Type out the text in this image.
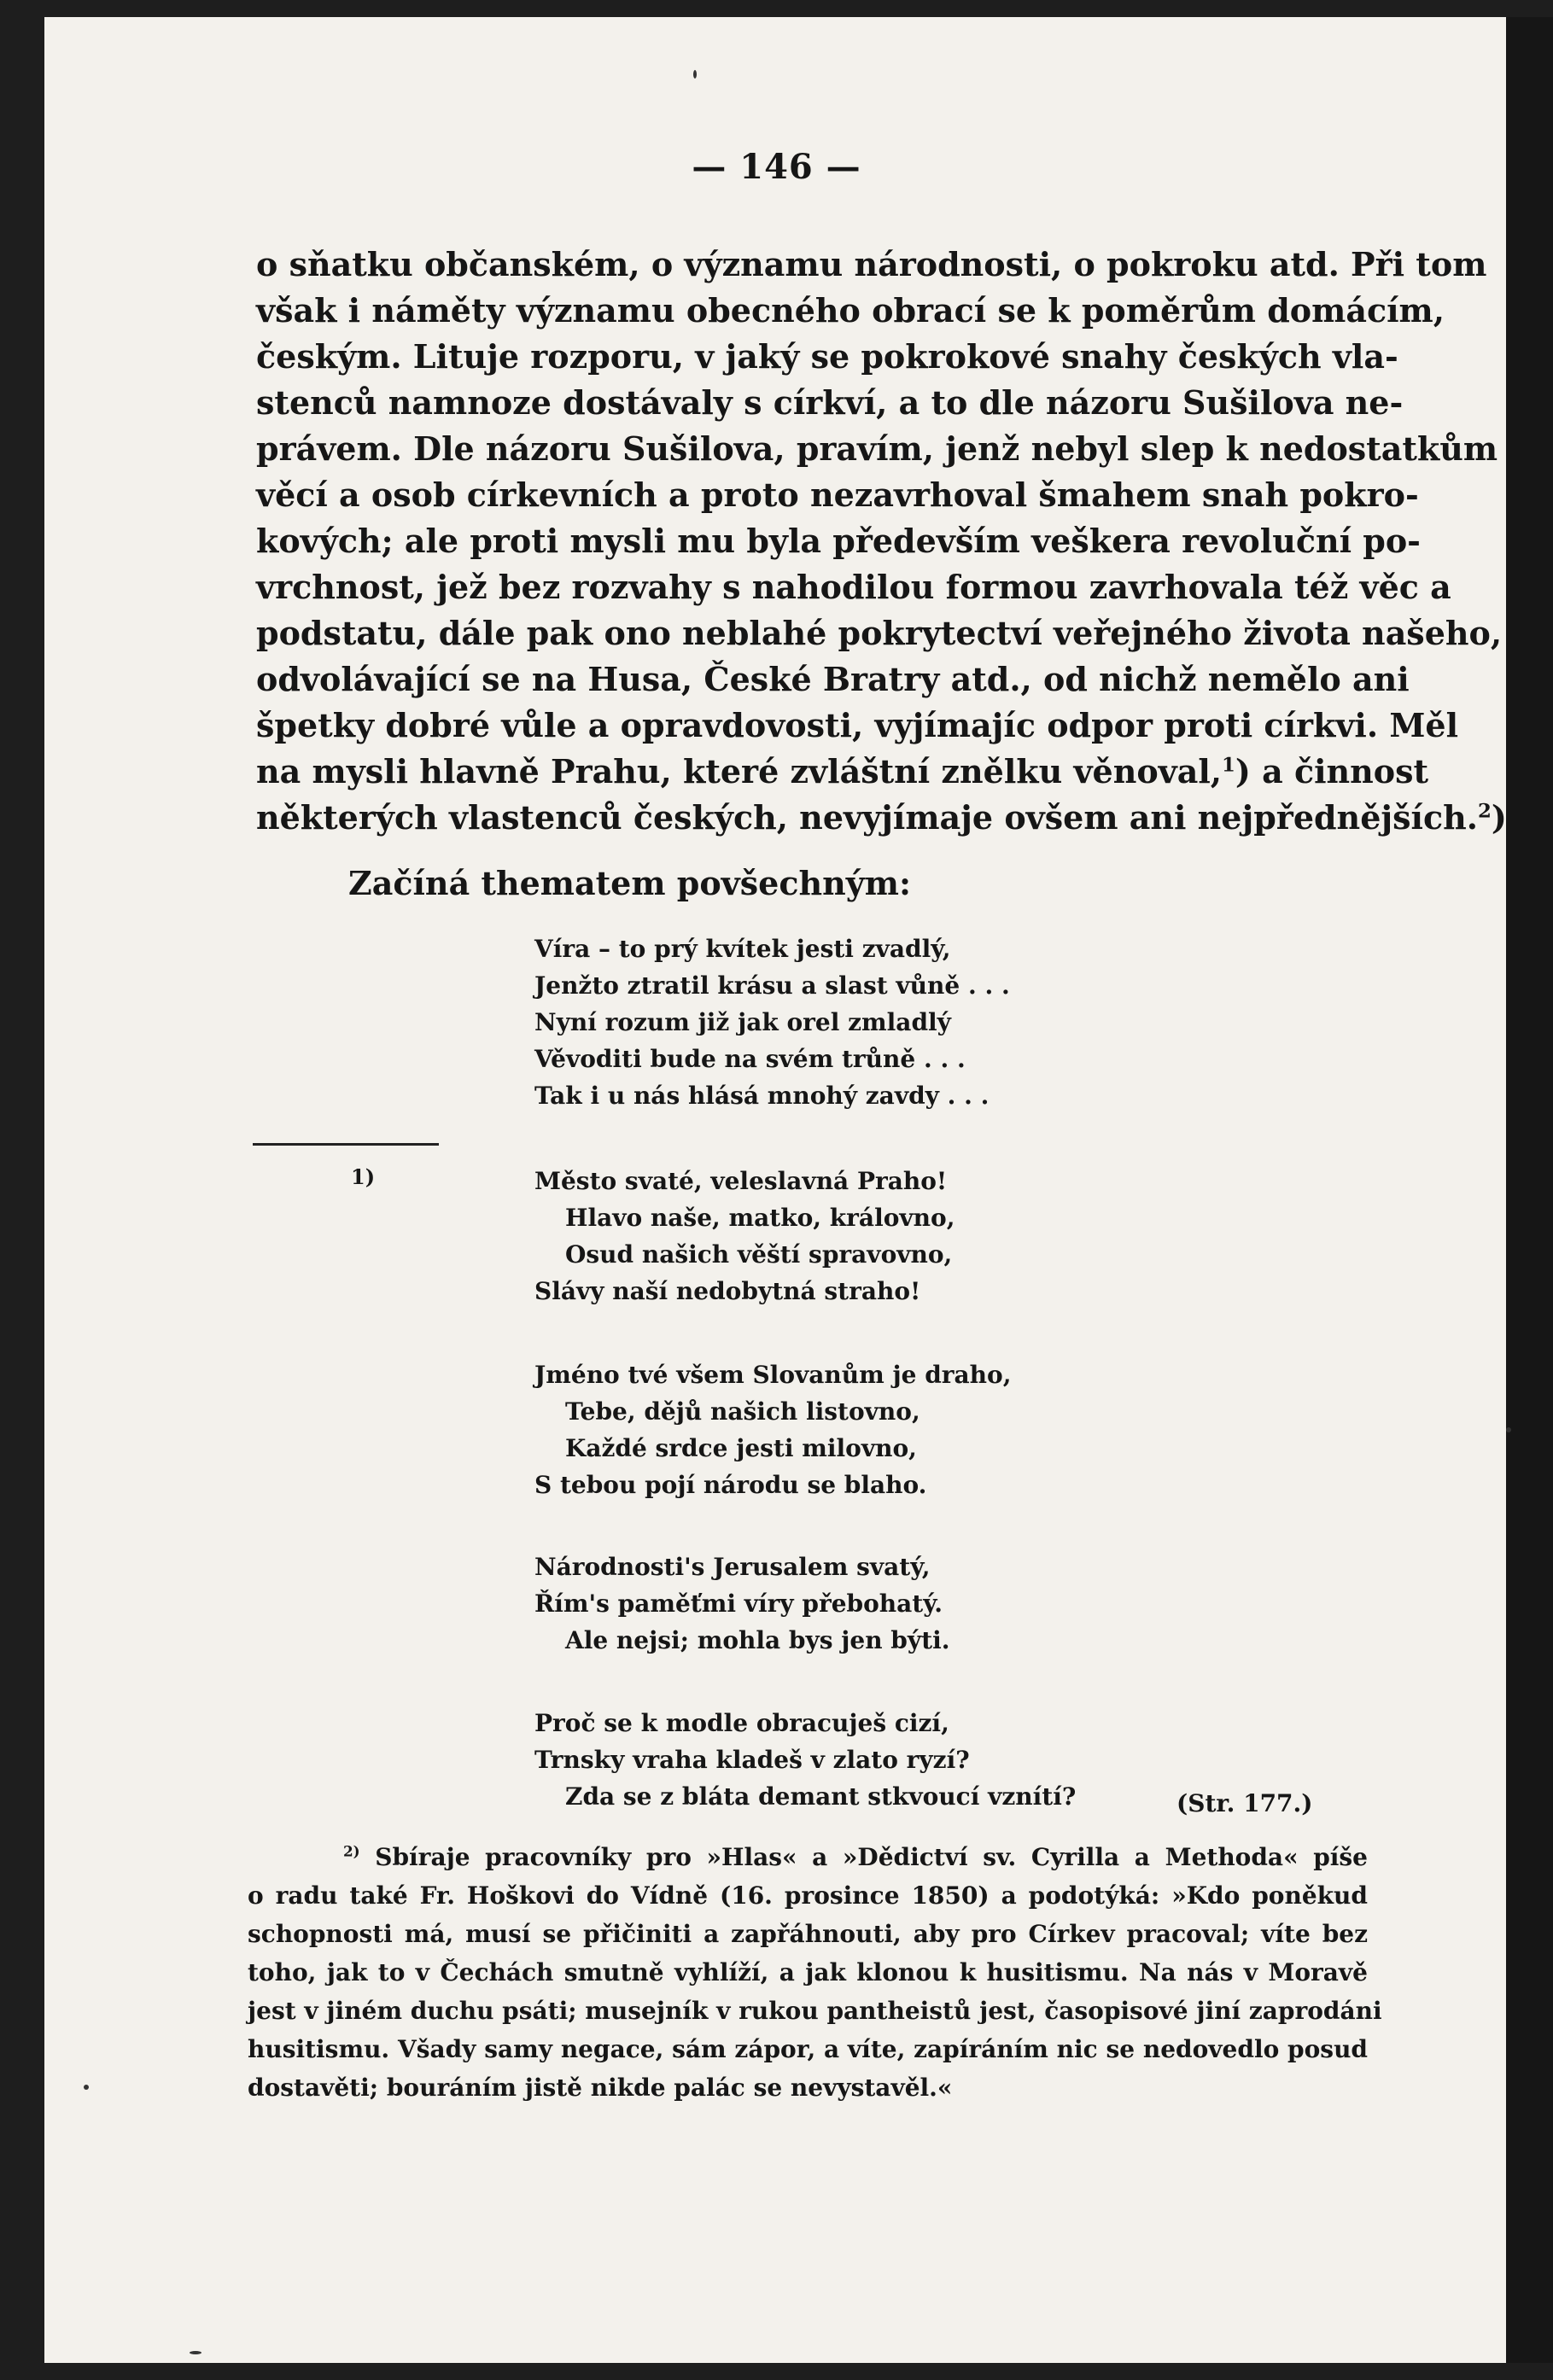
— 146 —
o sňatku občanském, o významu národnosti, o pokroku atd. Při tom
však i náměty významu obecného obrací se k poměrům domácím,
českým. Lituje rozporu, v jaký se pokrokové snahy českých vla-
stenců namnoze dostávaly s církví, a to dle názoru Sušilova ne-
právem. Dle názoru Sušilova, pravím, jenž nebyl slep k nedostatkům
věcí a osob církevních a proto nezavrhoval šmahem snah pokro-
kových; ale proti mysli mu byla především veškera revoluční po-
vrchnost, jež bez rozvahy s nahodilou formou zavrhovala též věc a
podstatu, dále pak ono neblahé pokrytectví veřejného života našeho,
odvolávající se na Husa, České Bratry atd., od nichž nemělo ani
špetky dobré vůle a opravdovosti, vyjímajíc odpor proti církvi. Měl
na mysli hlavně Prahu, které zvláštní znělku věnoval,$^1$) a činnost
některých vlastenců českých, nevyjímaje ovšem ani nejpřednějších.$^2$)
Začíná thematem povšechným:
Víra – to prý kvítek jesti zvadlý,
Jenžto ztratil krásu a slast vůně . . .
Nyní rozum již jak orel zmladlý
Věvoditi bude na svém trůně . . .
Tak i u nás hlásá mnohý zavdy . . .
1)	Město svaté, veleslavná Praho!
Hlavo naše, matko, královno,
Osud našich věští spravovno,
Slávy naší nedobytná straho!
Jméno tvé všem Slovanům je draho,
Tebe, dějů našich listovno,
Každé srdce jesti milovno,
S tebou pojí národu se blaho.
Národnosti's Jerusalem svatý,
Řím's paměťmi víry přebohatý.
Ale nejsi; mohla bys jen býti.
Proč se k modle obracuješ cizí,
Trnsky vraha kladeš v zlato ryzí?
Zda se z bláta demant stkvoucí vznítí?	(Str. 177.)
$^{2)}$ Sbíraje pracovníky pro »Hlas« a »Dědictví sv. Cyrilla a Methoda« píše
o radu také Fr. Hoškovi do Vídně (16. prosince 1850) a podotýká: »Kdo poněkud
schopnosti má, musí se přičiniti a zapřáhnouti, aby pro Církev pracoval; víte bez
toho, jak to v Čechách smutně vyhlíží, a jak klonou k husitismu. Na nás v Moravě
jest v jiném duchu psáti; musejník v rukou pantheistů jest, časopisové jiní zaprodáni
husitismu. Všady samy negace, sám zápor, a víte, zapíráním nic se nedovedlo posud
dostavěti; bouráním jistě nikde palác se nevystavěl.«
